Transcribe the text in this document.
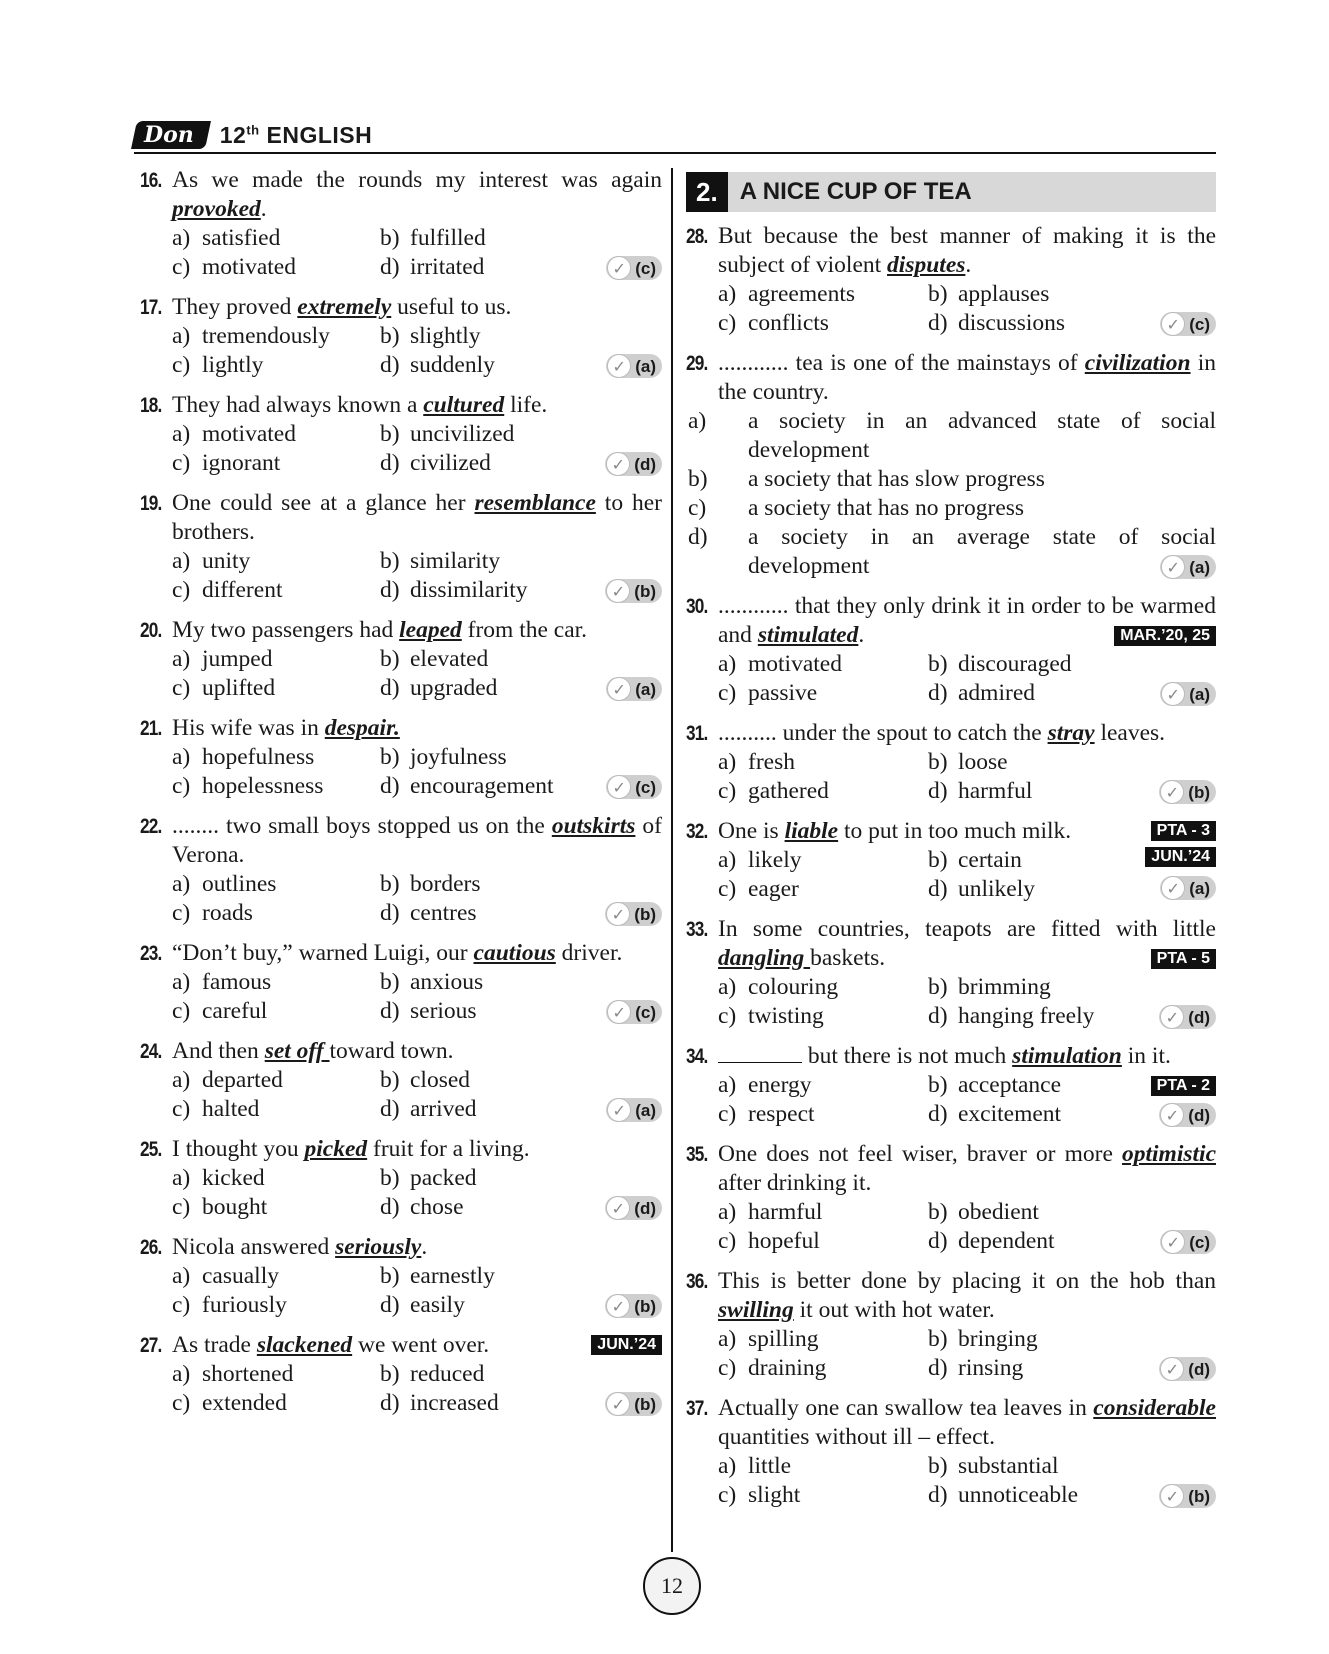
Don	12th ENGLISH
16. As we made the rounds my interest was again provoked.
a) satisfied	b) fulfilled
c) motivated	d) irritated	✓ (c)
17. They proved extremely useful to us.
a) tremendously	b) slightly
c) lightly	d) suddenly	✓ (a)
18. They had always known a cultured life.
a) motivated	b) uncivilized
c) ignorant	d) civilized	✓ (d)
19. One could see at a glance her resemblance to her brothers.
a) unity	b) similarity
c) different	d) dissimilarity	✓ (b)
20. My two passengers had leaped from the car.
a) jumped	b) elevated
c) uplifted	d) upgraded	✓ (a)
21. His wife was in despair.
a) hopefulness	b) joyfulness
c) hopelessness	d) encouragement	✓ (c)
22. ........ two small boys stopped us on the outskirts of Verona.
a) outlines	b) borders
c) roads	d) centres	✓ (b)
23. “Don’t buy,” warned Luigi, our cautious driver.
a) famous	b) anxious
c) careful	d) serious	✓ (c)
24. And then set off toward town.
a) departed	b) closed
c) halted	d) arrived	✓ (a)
25. I thought you picked fruit for a living.
a) kicked	b) packed
c) bought	d) chose	✓ (d)
26. Nicola answered seriously.
a) casually	b) earnestly
c) furiously	d) easily	✓ (b)
27. As trade slackened we went over.
a) shortened	b) reduced
c) extended	d) increased	✓ (b)
JUN.’24
2. A NICE CUP OF TEA
28. But because the best manner of making it is the subject of violent disputes.
a) agreements	b) applauses
c) conflicts	d) discussions	✓ (c)
29. ............ tea is one of the mainstays of civilization in the country.
a) a society in an advanced state of social development
b) a society that has slow progress
c) a society that has no progress
d) a society in an average state of social development	✓ (a)
30. ............ that they only drink it in order to be warmed and stimulated.
a) motivated	b) discouraged
c) passive	d) admired	✓ (a)
MAR.’20, 25
31. .......... under the spout to catch the stray leaves.
a) fresh	b) loose
c) gathered	d) harmful	✓ (b)
32. One is liable to put in too much milk.
a) likely	b) certain
c) eager	d) unlikely	✓ (a)
PTA - 3
JUN.’24
33. In some countries, teapots are fitted with little dangling baskets.
a) colouring	b) brimming
c) twisting	d) hanging freely	✓ (d)
PTA - 5
34.	but there is not much stimulation in it.
a) energy	b) acceptance
c) respect	d) excitement	✓ (d)
PTA - 2
35. One does not feel wiser, braver or more optimistic after drinking it.
a) harmful	b) obedient
c) hopeful	d) dependent	✓ (c)
36. This is better done by placing it on the hob than swilling it out with hot water.
a) spilling	b) bringing
c) draining	d) rinsing	✓ (d)
37. Actually one can swallow tea leaves in considerable quantities without ill – effect.
a) little	b) substantial
c) slight	d) unnoticeable	✓ (b)
12
